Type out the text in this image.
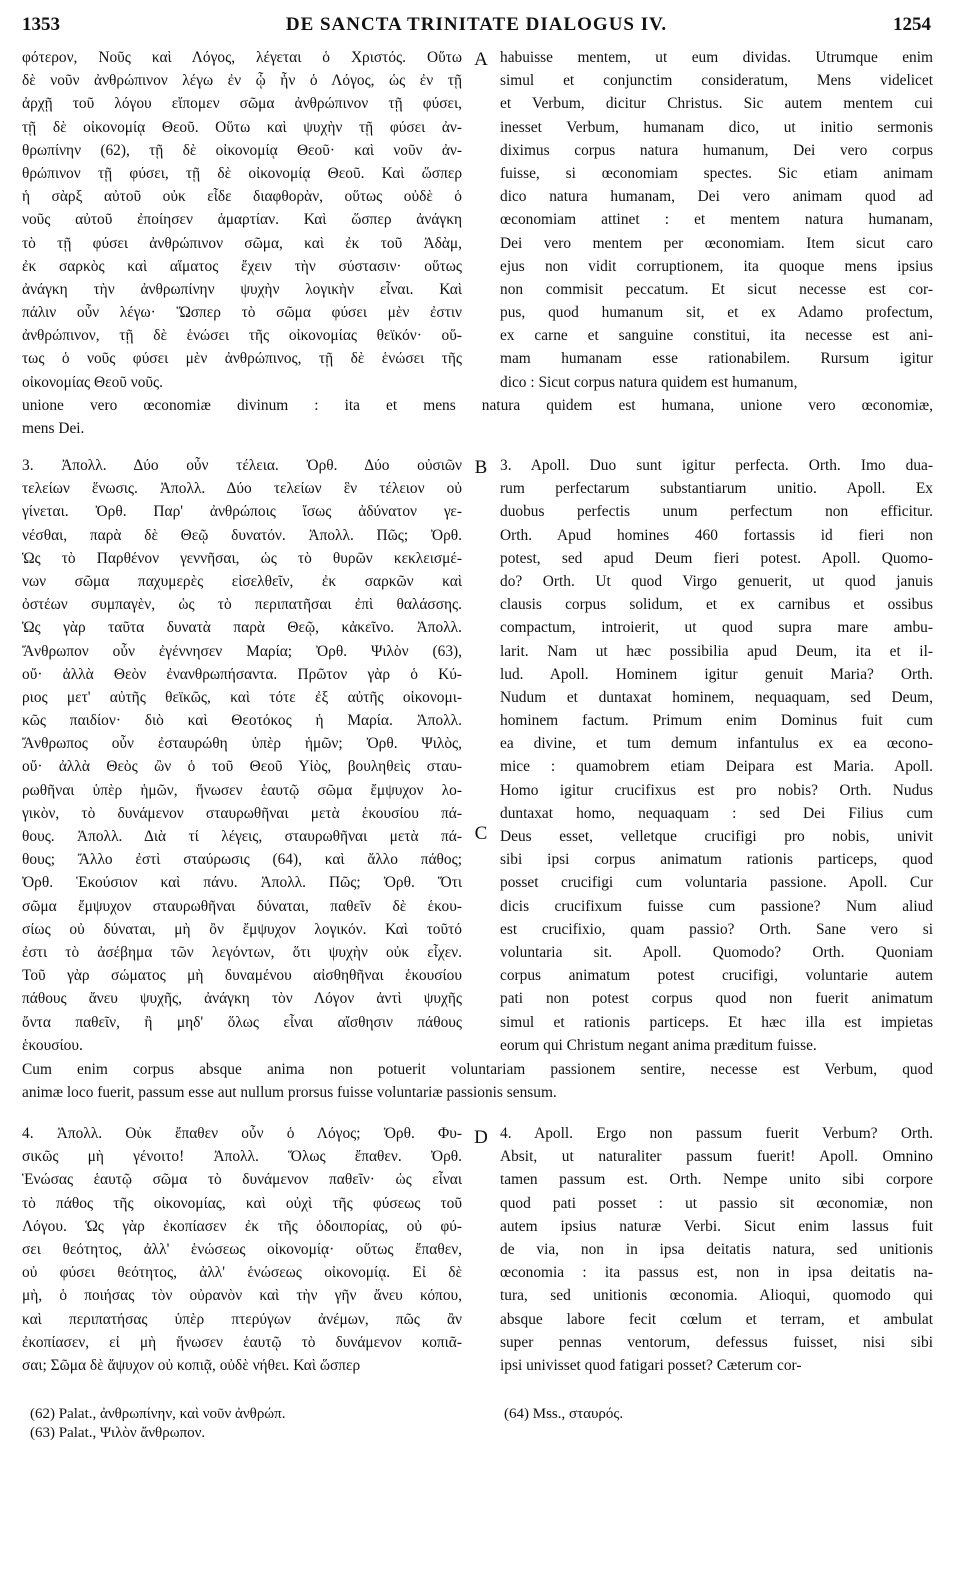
1353	DE SANCTA TRINITATE DIALOGUS IV.	1254
φότερον, Νοῦς καὶ Λόγος, λέγεται ὁ Χριστός. Οὕτω
δὲ νοῦν ἀνθρώπινον λέγω ἐν ᾧ ἦν ὁ Λόγος, ὡς ἐν τῇ
ἀρχῇ τοῦ λόγου εἴπομεν σῶμα ἀνθρώπινον τῇ φύσει,
τῇ δὲ οἰκονομίᾳ Θεοῦ. Οὕτω καὶ ψυχὴν τῇ φύσει ἀν-
θρωπίνην (62), τῇ δὲ οἰκονομίᾳ Θεοῦ· καὶ νοῦν ἀν-
θρώπινον τῇ φύσει, τῇ δὲ οἰκονομίᾳ Θεοῦ. Καὶ ὥσπερ
ἡ σὰρξ αὐτοῦ οὐκ εἶδε διαφθορὰν, οὕτως οὐδὲ ὁ
νοῦς αὐτοῦ ἐποίησεν ἁμαρτίαν. Καὶ ὥσπερ ἀνάγκη
τὸ τῇ φύσει ἀνθρώπινον σῶμα, καὶ ἐκ τοῦ Ἀδὰμ,
ἐκ σαρκὸς καὶ αἵματος ἔχειν τὴν σύστασιν· οὕτως
ἀνάγκη τὴν ἀνθρωπίνην ψυχὴν λογικὴν εἶναι. Καὶ
πάλιν οὖν λέγω· Ὥσπερ τὸ σῶμα φύσει μὲν ἐστιν
ἀνθρώπινον, τῇ δὲ ἑνώσει τῆς οἰκονομίας θεϊκόν· οὕ-
τως ὁ νοῦς φύσει μὲν ἀνθρώπινος, τῇ δὲ ἑνώσει τῆς
οἰκονομίας Θεοῦ νοῦς.
A habuisse mentem, ut eum dividas. Utrumque enim
simul et conjunctim consideratum, Mens videlicet
et Verbum, dicitur Christus. Sic autem mentem cui
inesset Verbum, humanam dico, ut initio sermonis
diximus corpus natura humanum, Dei vero corpus
fuisse, si œconomiam spectes. Sic etiam animam
dico natura humanam, Dei vero animam quod ad
œconomiam attinet : et mentem natura humanam,
Dei vero mentem per œconomiam. Item sicut caro
ejus non vidit corruptionem, ita quoque mens ipsius
non commisit peccatum. Et sicut necesse est cor-
pus, quod humanum sit, et ex Adamo profectum,
ex carne et sanguine constitui, ita necesse est ani-
mam humanam esse rationabilem. Rursum igitur
dico : Sicut corpus natura quidem est humanum,
unione vero œconomiæ divinum : ita et mens natura quidem est humana, unione vero œconomiæ,
mens Dei.
3. Ἀπολλ. Δύο οὖν τέλεια. Ὀρθ. Δύο οὐσιῶν
τελείων ἕνωσις. Ἀπολλ. Δύο τελείων ἓν τέλειον οὐ
γίνεται. Ὀρθ. Παρ' ἀνθρώποις ἴσως ἀδύνατον γε-
νέσθαι, παρὰ δὲ Θεῷ δυνατόν. Ἀπολλ. Πῶς; Ὀρθ.
Ὡς τὸ Παρθένον γεννῆσαι, ὡς τὸ θυρῶν κεκλεισμέ-
νων σῶμα παχυμερὲς εἰσελθεῖν, ἐκ σαρκῶν καὶ
ὀστέων συμπαγὲν, ὡς τὸ περιπατῆσαι ἐπὶ θαλάσσης.
Ὡς γὰρ ταῦτα δυνατὰ παρὰ Θεῷ, κἀκεῖνο. Ἀπολλ.
Ἄνθρωπον οὖν ἐγέννησεν Μαρία; Ὀρθ. Ψιλὸν (63),
οὔ· ἀλλὰ Θεὸν ἐνανθρωπήσαντα. Πρῶτον γὰρ ὁ Κύ-
ριος μετ' αὐτῆς θεϊκῶς, καὶ τότε ἐξ αὐτῆς οἰκονομι-
κῶς παιδίον· διὸ καὶ Θεοτόκος ἡ Μαρία. Ἀπολλ.
Ἄνθρωπος οὖν ἐσταυρώθη ὑπὲρ ἡμῶν; Ὀρθ. Ψιλὸς,
οὔ· ἀλλὰ Θεὸς ὢν ὁ τοῦ Θεοῦ Υἱὸς, βουληθεὶς σταυ-
ρωθῆναι ὑπὲρ ἡμῶν, ἥνωσεν ἑαυτῷ σῶμα ἔμψυχον λο-
γικὸν, τὸ δυνάμενον σταυρωθῆναι μετὰ ἑκουσίου πά-
θους. Ἀπολλ. Διὰ τί λέγεις, σταυρωθῆναι μετὰ πά-
θους; Ἄλλο ἐστὶ σταύρωσις (64), καὶ ἄλλο πάθος;
Ὀρθ. Ἑκούσιον καὶ πάνυ. Ἀπολλ. Πῶς; Ὀρθ. Ὅτι
σῶμα ἔμψυχον σταυρωθῆναι δύναται, παθεῖν δὲ ἑκου-
σίως οὐ δύναται, μὴ ὂν ἔμψυχον λογικόν. Καὶ τοῦτό
ἐστι τὸ ἀσέβημα τῶν λεγόντων, ὅτι ψυχὴν οὐκ εἶχεν.
Τοῦ γὰρ σώματος μὴ δυναμένου αἰσθηθῆναι ἑκουσίου
πάθους ἄνευ ψυχῆς, ἀνάγκη τὸν Λόγον ἀντὶ ψυχῆς
ὄντα παθεῖν, ἢ μηδ' ὅλως εἶναι αἴσθησιν πάθους
ἑκουσίου.
B
C
3. Apoll. Duo sunt igitur perfecta. Orth. Imo dua-
rum perfectarum substantiarum unitio. Apoll. Ex
duobus perfectis unum perfectum non efficitur.
Orth. Apud homines 460 fortassis id fieri non
potest, sed apud Deum fieri potest. Apoll. Quomo-
do? Orth. Ut quod Virgo genuerit, ut quod januis
clausis corpus solidum, et ex carnibus et ossibus
compactum, introierit, ut quod supra mare ambu-
larit. Nam ut hæc possibilia apud Deum, ita et il-
lud. Apoll. Hominem igitur genuit Maria? Orth.
Nudum et duntaxat hominem, nequaquam, sed Deum,
hominem factum. Primum enim Dominus fuit cum
ea divine, et tum demum infantulus ex ea œcono-
mice : quamobrem etiam Deipara est Maria. Apoll.
Homo igitur crucifixus est pro nobis? Orth. Nudus
duntaxat homo, nequaquam : sed Dei Filius cum
Deus esset, velletque crucifigi pro nobis, univit
sibi ipsi corpus animatum rationis particeps, quod
posset crucifigi cum voluntaria passione. Apoll. Cur
dicis crucifixum fuisse cum passione? Num aliud
est crucifixio, quam passio? Orth. Sane vero si
voluntaria sit. Apoll. Quomodo? Orth. Quoniam
corpus animatum potest crucifigi, voluntarie autem
pati non potest corpus quod non fuerit animatum
simul et rationis particeps. Et hæc illa est impietas
eorum qui Christum negant anima præditum fuisse.
Cum enim corpus absque anima non potuerit voluntariam passionem sentire, necesse est Verbum, quod
animæ loco fuerit, passum esse aut nullum prorsus fuisse voluntariæ passionis sensum.
4. Ἀπολλ. Οὐκ ἔπαθεν οὖν ὁ Λόγος; Ὀρθ. Φυ-
σικῶς μὴ γένοιτο! Ἀπολλ. Ὅλως ἔπαθεν. Ὀρθ.
Ἑνώσας ἑαυτῷ σῶμα τὸ δυνάμενον παθεῖν· ὡς εἶναι
τὸ πάθος τῆς οἰκονομίας, καὶ οὐχὶ τῆς φύσεως τοῦ
Λόγου. Ὡς γὰρ ἐκοπίασεν ἐκ τῆς ὁδοιπορίας, οὐ φύ-
σει θεότητος, ἀλλ' ἑνώσεως οἰκονομίᾳ· οὕτως ἔπαθεν,
οὐ φύσει θεότητος, ἀλλ' ἑνώσεως οἰκονομίᾳ. Εἰ δὲ
μὴ, ὁ ποιήσας τὸν οὐρανὸν καὶ τὴν γῆν ἄνευ κόπου,
καὶ περιπατήσας ὑπὲρ πτερύγων ἀνέμων, πῶς ἂν
ἐκοπίασεν, εἰ μὴ ἥνωσεν ἑαυτῷ τὸ δυνάμενον κοπιᾶ-
σαι; Σῶμα δὲ ἄψυχον οὐ κοπιᾷ, οὐδὲ νήθει. Καὶ ὥσπερ
D 4. Apoll. Ergo non passum fuerit Verbum? Orth.
Absit, ut naturaliter passum fuerit! Apoll. Omnino
tamen passum est. Orth. Nempe unito sibi corpore
quod pati posset : ut passio sit œconomiæ, non
autem ipsius naturæ Verbi. Sicut enim lassus fuit
de via, non in ipsa deitatis natura, sed unitionis
œconomia : ita passus est, non in ipsa deitatis na-
tura, sed unitionis œconomia. Alioqui, quomodo qui
absque labore fecit cœlum et terram, et ambulat
super pennas ventorum, defessus fuisset, nisi sibi
ipsi univisset quod fatigari posset? Cæterum cor-
(62) Palat., ἀνθρωπίνην, καὶ νοῦν ἀνθρώπ.
(63) Palat., Ψιλὸν ἄνθρωπον.
(64) Mss., σταυρός.
